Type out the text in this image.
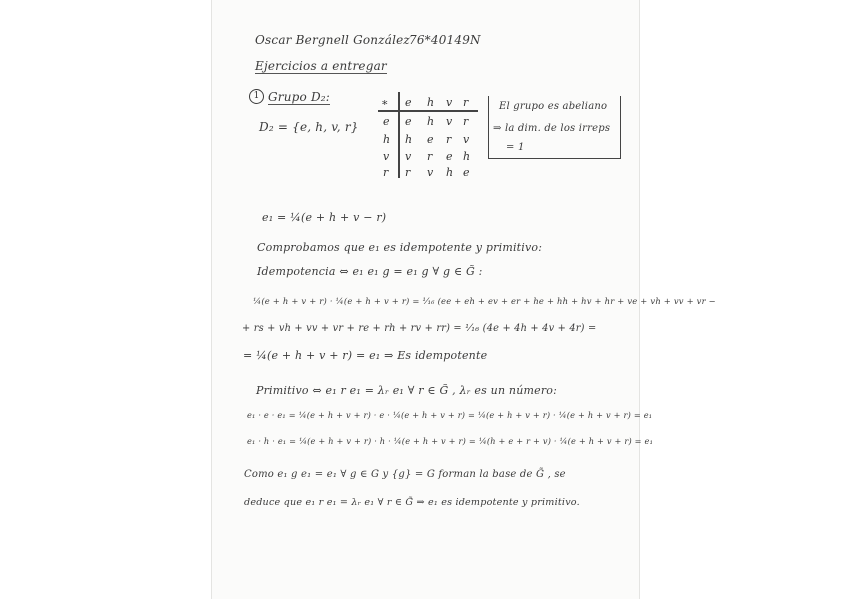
Oscar Bergnell González 76*40149N
Ejercicios a entregar
1 Grupo D₂:
D₂ = {e, h, v, r}
∗ e h v r
e e h v r
h h e r v
v v r e h
r r v h e
El grupo es abeliano
⇒ la dim. de los irreps
= 1
e₁ = ¼(e + h + v − r)
Comprobamos que e₁ es idempotente y primitivo:
Idempotencia ⇔ e₁ e₁ g = e₁ g ∀ g ∈ G̃ :
¼(e + h + v + r) · ¼(e + h + v + r) = ¹⁄₁₆ (ee + eh + ev + er + he + hh + hv + hr + ve + vh + vv + vr −
+ rs + vh + vv + vr + re + rh + rv + rr) = ¹⁄₁₆ (4e + 4h + 4v + 4r) =
= ¼(e + h + v + r) = e₁ ⇒ Es idempotente
Primitivo ⇔ e₁ r e₁ = λᵣ e₁ ∀ r ∈ G̃ , λᵣ es un número:
e₁ · e · e₁ = ¼(e + h + v + r) · e · ¼(e + h + v + r) = ¼(e + h + v + r) · ¼(e + h + v + r) = e₁
e₁ · h · e₁ = ¼(e + h + v + r) · h · ¼(e + h + v + r) = ¼(h + e + r + v) · ¼(e + h + v + r) = e₁
Como e₁ g e₁ = e₁ ∀ g ∈ G y {g} = G forman la base de G̃ , se
deduce que e₁ r e₁ = λᵣ e₁ ∀ r ∈ G̃ ⇒ e₁ es idempotente y primitivo.
